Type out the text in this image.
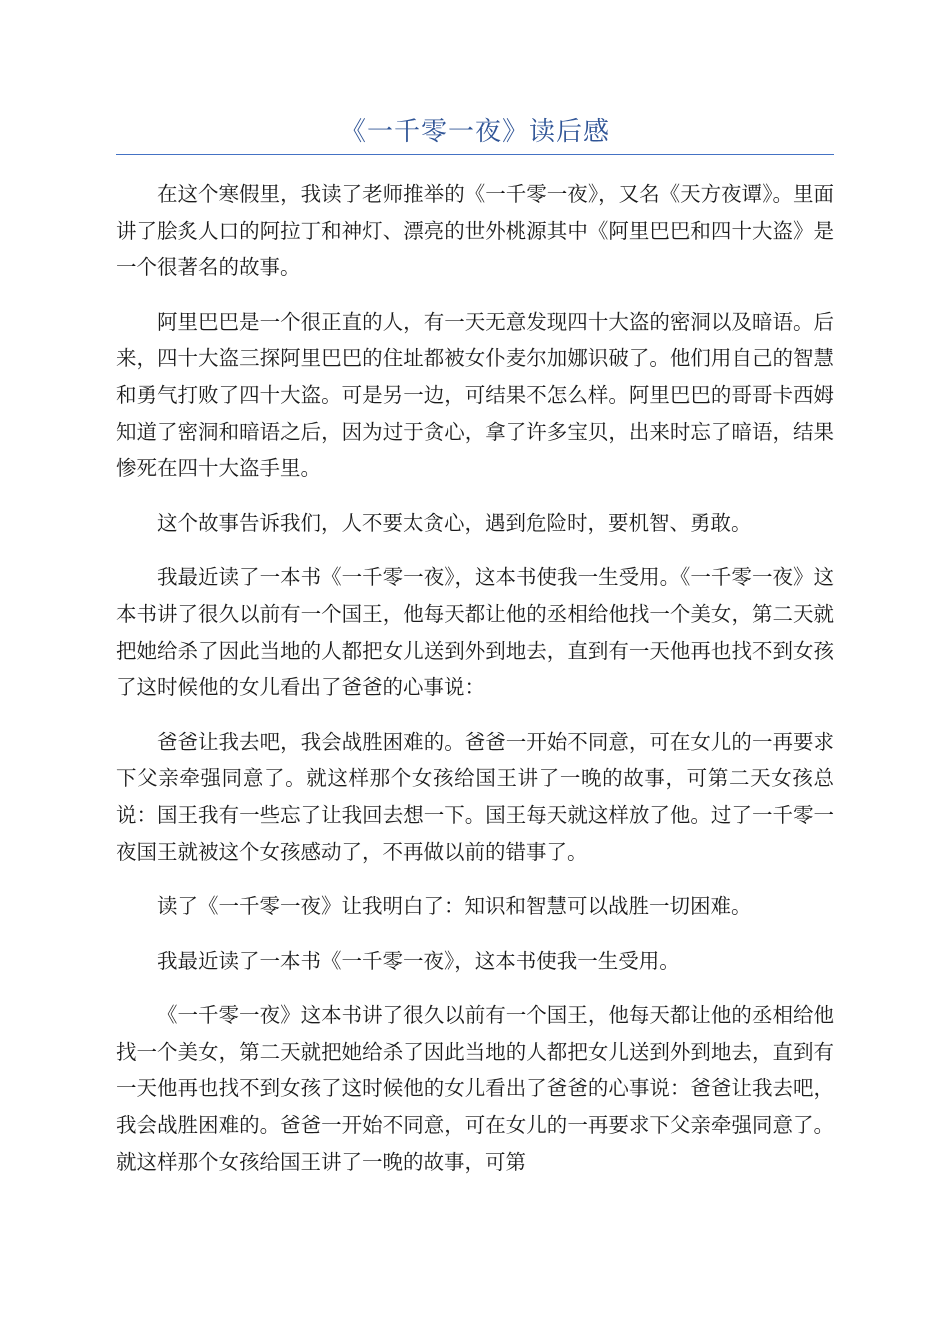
《一千零一夜》读后感

在这个寒假里，我读了老师推举的《一千零一夜》，又名《天方夜谭》。里面讲了脍炙人口的阿拉丁和神灯、漂亮的世外桃源其中《阿里巴巴和四十大盗》是一个很著名的故事。

阿里巴巴是一个很正直的人，有一天无意发现四十大盗的密洞以及暗语。后来，四十大盗三探阿里巴巴的住址都被女仆麦尔加娜识破了。他们用自己的智慧和勇气打败了四十大盗。可是另一边，可结果不怎么样。阿里巴巴的哥哥卡西姆知道了密洞和暗语之后，因为过于贪心，拿了许多宝贝，出来时忘了暗语，结果惨死在四十大盗手里。

这个故事告诉我们，人不要太贪心，遇到危险时，要机智、勇敢。

我最近读了一本书《一千零一夜》，这本书使我一生受用。《一千零一夜》这本书讲了很久以前有一个国王，他每天都让他的丞相给他找一个美女，第二天就把她给杀了因此当地的人都把女儿送到外到地去，直到有一天他再也找不到女孩了这时候他的女儿看出了爸爸的心事说：

爸爸让我去吧，我会战胜困难的。爸爸一开始不同意，可在女儿的一再要求下父亲牵强同意了。就这样那个女孩给国王讲了一晚的故事，可第二天女孩总说：国王我有一些忘了让我回去想一下。国王每天就这样放了他。过了一千零一夜国王就被这个女孩感动了，不再做以前的错事了。

读了《一千零一夜》让我明白了：知识和智慧可以战胜一切困难。

我最近读了一本书《一千零一夜》，这本书使我一生受用。

《一千零一夜》这本书讲了很久以前有一个国王，他每天都让他的丞相给他找一个美女，第二天就把她给杀了因此当地的人都把女儿送到外到地去，直到有一天他再也找不到女孩了这时候他的女儿看出了爸爸的心事说：爸爸让我去吧，我会战胜困难的。爸爸一开始不同意，可在女儿的一再要求下父亲牵强同意了。就这样那个女孩给国王讲了一晚的故事，可第
